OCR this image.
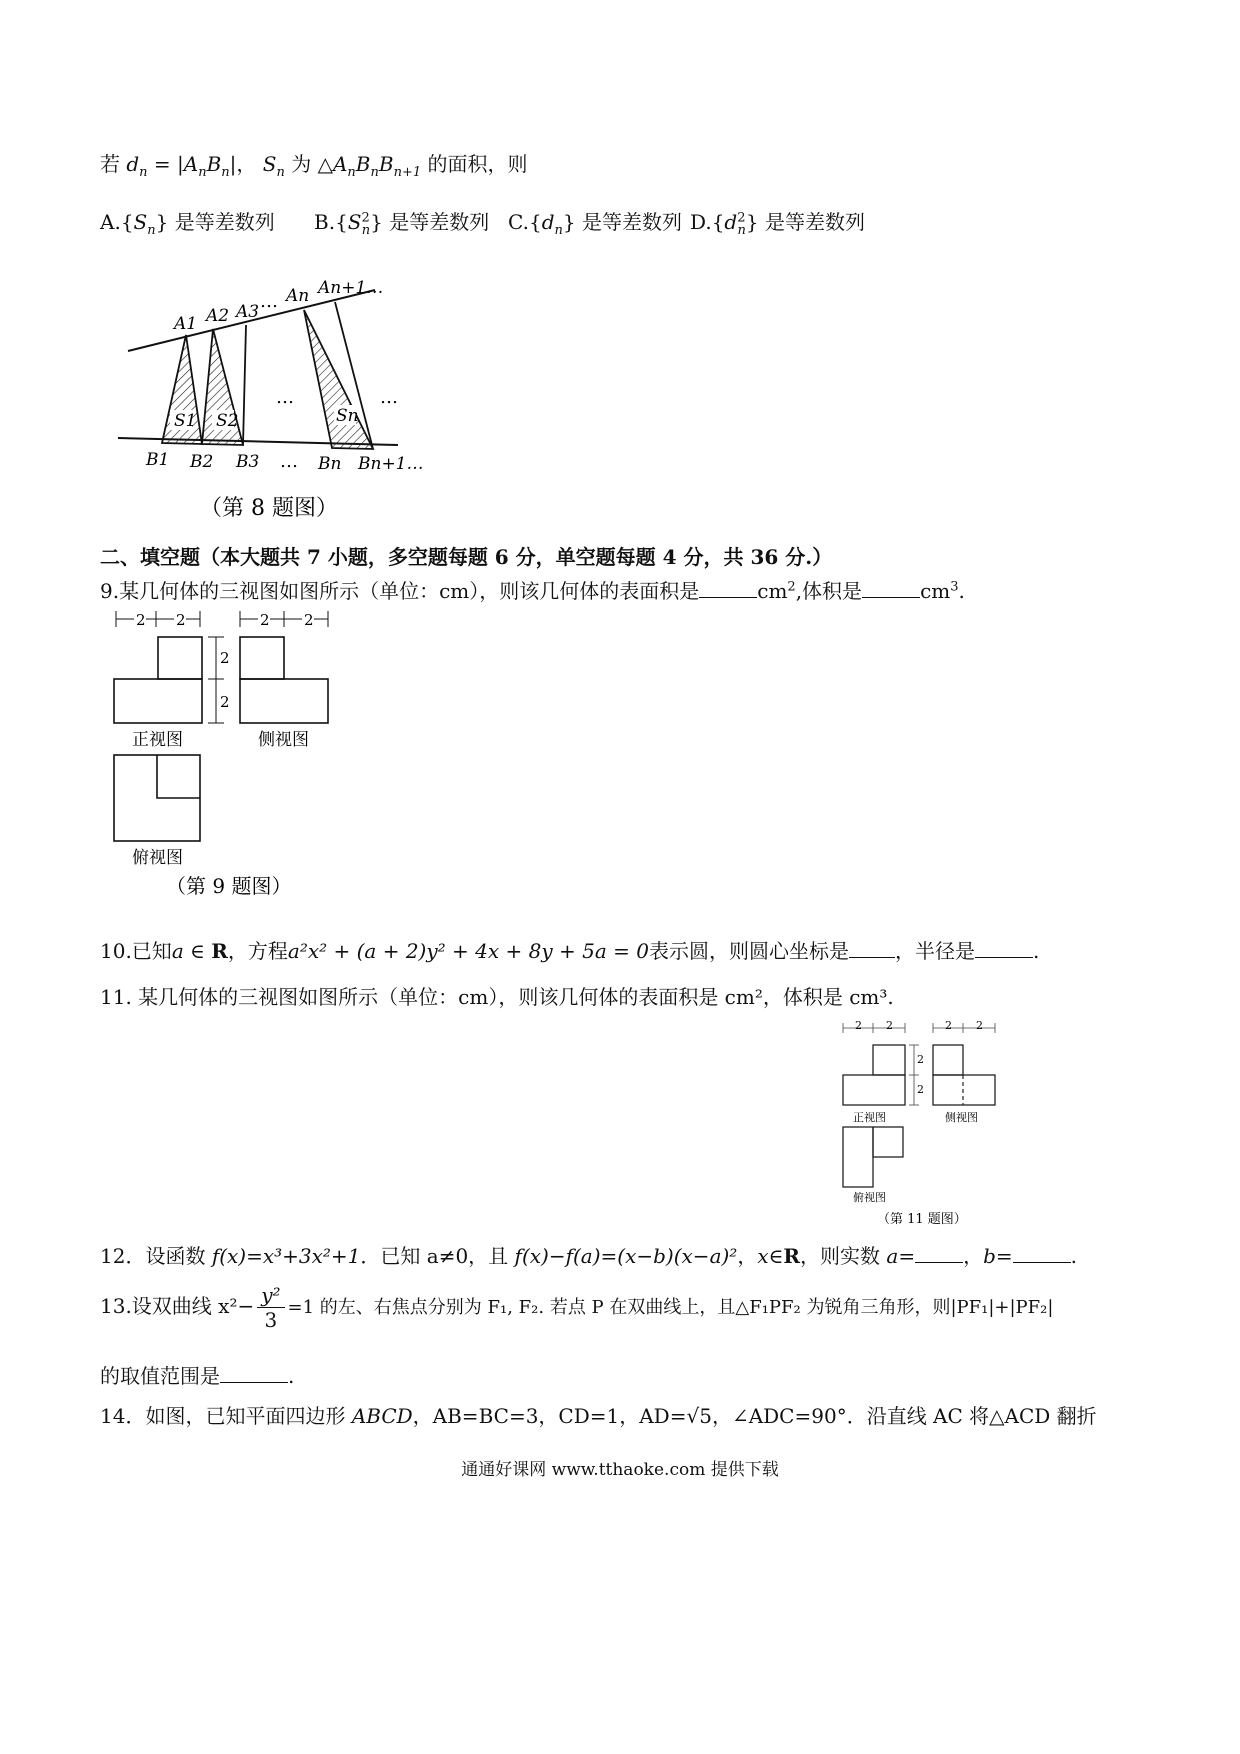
若 $d_n = |A_nB_n|$， $S_n$ 为 $\triangle A_nB_nB_{n+1}$ 的面积，则
$A.\{S_n\}$ 是等差数列 $B.\{S^2_n\}$ 是等差数列 $C.\{d_n\}$ 是等差数列 $D.\{d^2_n\}$ 是等差数列
S1 S2	Sn
…	…
A1 A2 A3 … An An+1…
B1 B2 B3 … Bn Bn+1…
（第 8 题图）
二、填空题（本大题共 7 小题，多空题每题 6 分，单空题每题 4 分，共 36 分.）
9.某几何体的三视图如图所示（单位：cm），则该几何体的表面积是	$cm^2$,体积是	$cm^3$.
2 2	2 2
2
2
正视图	侧视图
俯视图
（第 9 题图）
10.已知a ∈ R，方程a²x² + (a + 2)y² + 4x + 8y + 5a = 0表示圆，则圆心坐标是 ，半径是	.
11. 某几何体的三视图如图所示（单位：cm），则该几何体的表面积是 cm²，体积是 cm³.
2 2	2 2
2
2
正视图	侧视图
俯视图
（第 11 题图）
12．设函数 f(x)=x³+3x²+1．已知 a≠0，且 f(x)−f(a)=(x−b)(x−a)²，x∈R，则实数 a= ，b=	.
13.设双曲线 $x^2- \frac{\text{y²}}{3} =1$ 的左、右焦点分别为 F₁, F₂. 若点 P 在双曲线上，且△F₁PF₂ 为锐角三角形，则|PF₁|+|PF₂|
的取值范围是	.
14．如图，已知平面四边形 ABCD，AB=BC=3，CD=1，AD=√5，∠ADC=90°．沿直线 AC 将△ACD 翻折
通通好课网 www.tthaoke.com 提供下载
